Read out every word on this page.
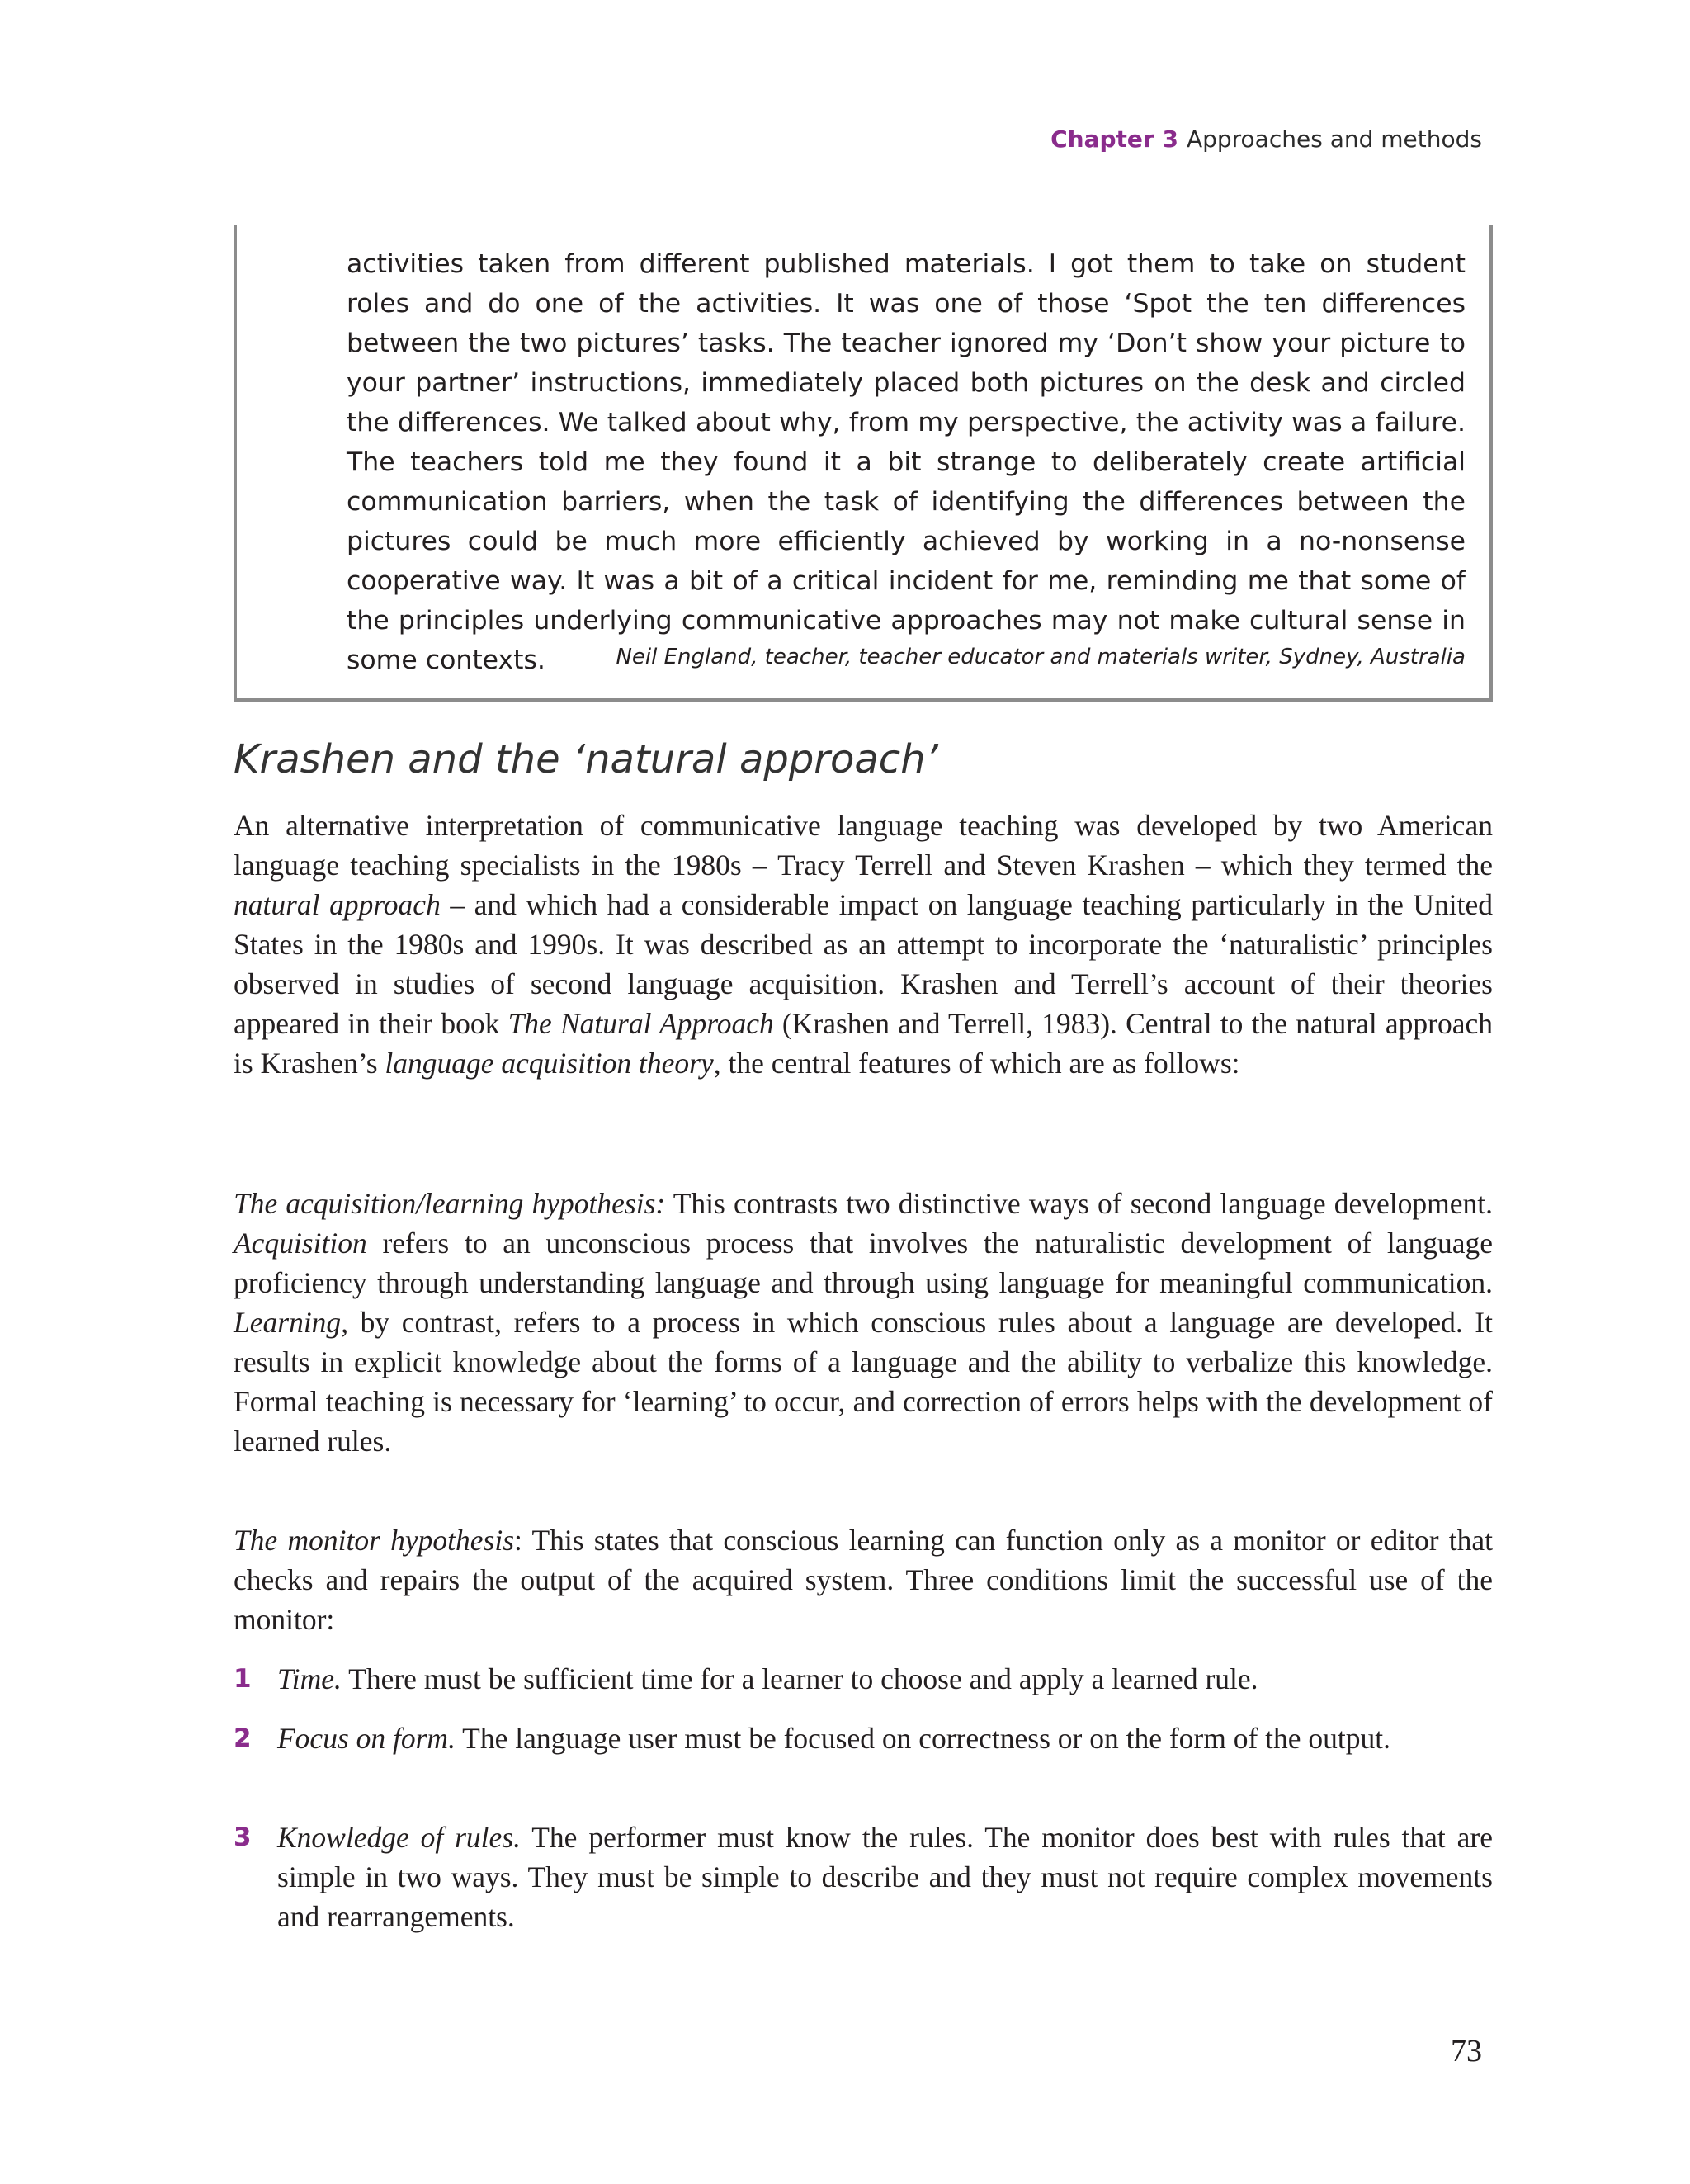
Chapter 3 Approaches and methods

activities taken from different published materials. I got them to take on student roles and do one of the activities. It was one of those ‘Spot the ten differences between the two pictures’ tasks. The teacher ignored my ‘Don’t show your picture to your partner’ instructions, immediately placed both pictures on the desk and circled the differences. We talked about why, from my perspective, the activity was a failure. The teachers told me they found it a bit strange to deliberately create artificial communication barriers, when the task of identifying the differences between the pictures could be much more efficiently achieved by working in a no-nonsense cooperative way. It was a bit of a critical incident for me, reminding me that some of the principles underlying communicative approaches may not make cultural sense in some contexts.	Neil England, teacher, teacher educator and materials writer, Sydney, Australia

Krashen and the ‘natural approach’

An alternative interpretation of communicative language teaching was developed by two American language teaching specialists in the 1980s – Tracy Terrell and Steven Krashen – which they termed the natural approach – and which had a considerable impact on language teaching particularly in the United States in the 1980s and 1990s. It was described as an attempt to incorporate the ‘naturalistic’ principles observed in studies of second language acquisition. Krashen and Terrell’s account of their theories appeared in their book The Natural Approach (Krashen and Terrell, 1983). Central to the natural approach is Krashen’s language acquisition theory, the central features of which are as follows:

The acquisition/learning hypothesis: This contrasts two distinctive ways of second language development. Acquisition refers to an unconscious process that involves the naturalistic development of language proficiency through understanding language and through using language for meaningful communication. Learning, by contrast, refers to a process in which conscious rules about a language are developed. It results in explicit knowledge about the forms of a language and the ability to verbalize this knowledge. Formal teaching is necessary for ‘learning’ to occur, and correction of errors helps with the development of learned rules.

The monitor hypothesis: This states that conscious learning can function only as a monitor or editor that checks and repairs the output of the acquired system. Three conditions limit the successful use of the monitor:

1 Time. There must be sufficient time for a learner to choose and apply a learned rule.
2 Focus on form. The language user must be focused on correctness or on the form of the output.
3 Knowledge of rules. The performer must know the rules. The monitor does best with rules that are simple in two ways. They must be simple to describe and they must not require complex movements and rearrangements.
73
